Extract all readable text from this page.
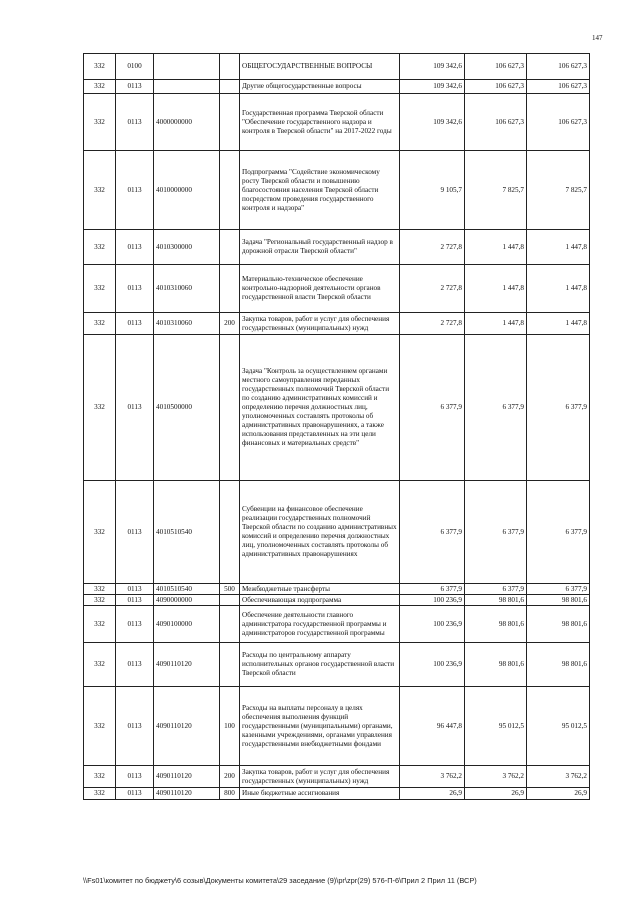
147
332	0100			ОБЩЕГОСУДАРСТВЕННЫЕ ВОПРОСЫ	109 342,6	106 627,3	106 627,3
332	0113			Другие общегосударственные вопросы	109 342,6	106 627,3	106 627,3
332	0113	4000000000		Государственная программа Тверской области "Обеспечение государственного надзора и контроля в Тверской области" на 2017-2022 годы	109 342,6	106 627,3	106 627,3
332	0113	4010000000		Подпрограмма "Содействие экономическому росту Тверской области и повышению благосостояния населения Тверской области посредством проведения государственного контроля и надзора"	9 105,7	7 825,7	7 825,7
332	0113	4010300000		Задача "Региональный государственный надзор в дорожной отрасли Тверской области"	2 727,8	1 447,8	1 447,8
332	0113	4010310060		Материально-техническое обеспечение контрольно-надзорной деятельности органов государственной власти Тверской области	2 727,8	1 447,8	1 447,8
332	0113	4010310060	200	Закупка товаров, работ и услуг для обеспечения государственных (муниципальных) нужд	2 727,8	1 447,8	1 447,8
332	0113	4010500000		Задача "Контроль за осуществлением органами местного самоуправления переданных государственных полномочий Тверской области по созданию административных комиссий и определению перечня должностных лиц, уполномоченных составлять протоколы об административных правонарушениях, а также использования представленных на эти цели финансовых и материальных средств"	6 377,9	6 377,9	6 377,9
332	0113	4010510540		Субвенции на финансовое обеспечение реализации государственных полномочий Тверской области по созданию административных комиссий и определению перечня должностных лиц, уполномоченных составлять протоколы об административных правонарушениях	6 377,9	6 377,9	6 377,9
332	0113	4010510540	500	Межбюджетные трансферты	6 377,9	6 377,9	6 377,9
332	0113	4090000000		Обеспечивающая подпрограмма	100 236,9	98 801,6	98 801,6
332	0113	4090100000		Обеспечение деятельности главного администратора государственной программы и администраторов государственной программы	100 236,9	98 801,6	98 801,6
332	0113	4090110120		Расходы по центральному аппарату исполнительных органов государственной власти Тверской области	100 236,9	98 801,6	98 801,6
332	0113	4090110120	100	Расходы на выплаты персоналу в целях обеспечения выполнения функций государственными (муниципальными) органами, казенными учреждениями, органами управления государственными внебюджетными фондами	96 447,8	95 012,5	95 012,5
332	0113	4090110120	200	Закупка товаров, работ и услуг для обеспечения государственных (муниципальных) нужд	3 762,2	3 762,2	3 762,2
332	0113	4090110120	800	Иные бюджетные ассигнования	26,9	26,9	26,9
\\Fs01\комитет по бюджету\6 созыв\Документы комитета\29 заседание (9)\pr\zpr(29) 576-П-6\Прил 2 Прил 11 (ВСР)
